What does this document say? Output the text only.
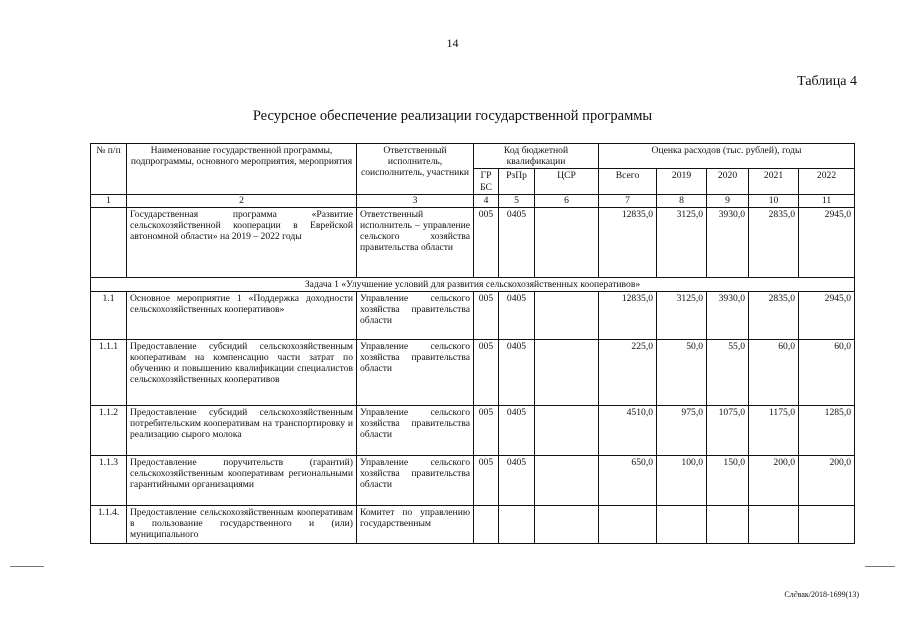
14
Таблица 4
Ресурсное обеспечение реализации государственной программы
№ п/п	Наименование государственной программы, подпрограммы, основного мероприятия, мероприятия	Ответственный исполнитель, соисполнитель, участники	Код бюджетной квалификации			Оценка расходов (тыс. рублей), годы				
			ГР БС	РзПр	ЦСР	Всего	2019	2020	2021	2022
1	2	3	4	5	6	7	8	9	10	11
	Государственная программа «Развитие сельскохозяйственной кооперации в Еврейской автономной области» на 2019 – 2022 годы	Ответственный исполнитель – управление сельского хозяйства правительства области	005	0405		12835,0	3125,0	3930,0	2835,0	2945,0
Задача 1 «Улучшение условий для развития сельскохозяйственных кооперативов»										
1.1	Основное мероприятие 1 «Поддержка доходности сельскохозяйственных кооперативов»	Управление сельского хозяйства правительства области	005	0405		12835,0	3125,0	3930,0	2835,0	2945,0
1.1.1	Предоставление субсидий сельскохозяйственным кооперативам на компенсацию части затрат по обучению и повышению квалификации специалистов сельскохозяйственных кооперативов	Управление сельского хозяйства правительства области	005	0405		225,0	50,0	55,0	60,0	60,0
1.1.2	Предоставление субсидий сельскохозяйственным потребительским кооперативам на транспортировку и реализацию сырого молока	Управление сельского хозяйства правительства области	005	0405		4510,0	975,0	1075,0	1175,0	1285,0
1.1.3	Предоставление поручительств (гарантий) сельскохозяйственным кооперативам региональными гарантийными организациями	Управление сельского хозяйства правительства области	005	0405		650,0	100,0	150,0	200,0	200,0
1.1.4.	Предоставление сельскохозяйственным кооперативам в пользование государственного и (или) муниципального	Комитет по управлению государственным								
Сл∂вак/2018-1699(13)
